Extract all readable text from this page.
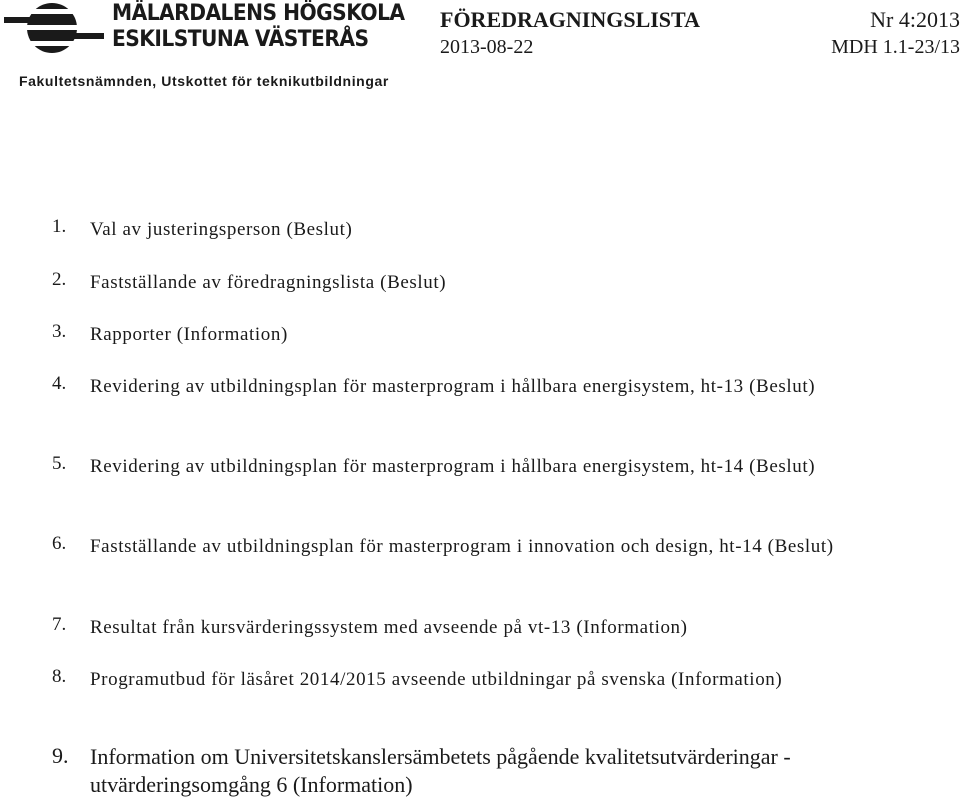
MÄLARDALENS HÖGSKOLA
ESKILSTUNA VÄSTERÅS
FÖREDRAGNINGSLISTA	Nr 4:2013
2013-08-22	MDH 1.1-23/13
Fakultetsnämnden, Utskottet för teknikutbildningar
1.	Val av justeringsperson (Beslut)
2.	Fastställande av föredragningslista (Beslut)
3.	Rapporter (Information)
4.	Revidering av utbildningsplan för masterprogram i hållbara energisystem, ht-13 (Beslut)
5.	Revidering av utbildningsplan för masterprogram i hållbara energisystem, ht-14 (Beslut)
6.	Fastställande av utbildningsplan för masterprogram i innovation och design, ht-14 (Beslut)
7.	Resultat från kursvärderingssystem med avseende på vt-13 (Information)
8.	Programutbud för läsåret 2014/2015 avseende utbildningar på svenska (Information)
9. Information om Universitetskanslersämbetets pågående kvalitetsutvärderingar - utvärderingsomgång 6 (Information)
